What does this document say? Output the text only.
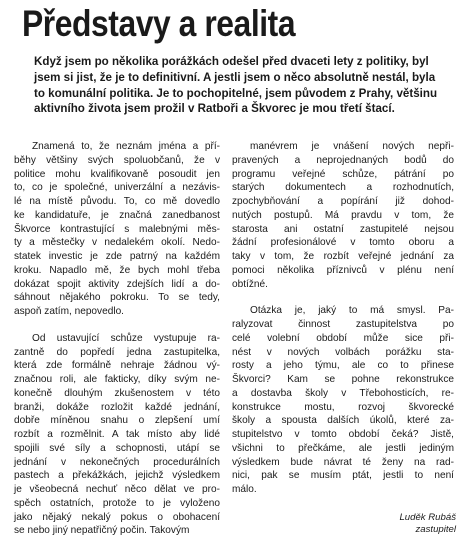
Představy a realita
Když jsem po několika porážkách odešel před dvaceti lety z politiky, byl
jsem si jist, že je to definitivní. A jestli jsem o něco absolutně nestál, byla
to komunální politika. Je to pochopitelné, jsem původem z Prahy, většinu
aktivního života jsem prožil v Ratboři a Škvorec je mou třetí štací.

Znamená to, že neznám jména a pří-
běhy většiny svých spoluobčanů, že v
politice mohu kvalifikovaně posoudit jen
to, co je společné, univerzální a nezávis-
lé na místě původu. To, co mě dovedlo
ke kandidatuře, je značná zanedbanost
Škvorce kontrastující s malebnými měs-
ty a městečky v nedalekém okolí. Nedo-
statek investic je zde patrný na každém
kroku. Napadlo mě, že bych mohl třeba
dokázat spojit aktivity zdejších lidí a do-
sáhnout nějakého pokroku. To se tedy,
aspoň zatím, nepovedlo.

Od ustavující schůze vystupuje ra-
zantně do popředí jedna zastupitelka,
která zde formálně nehraje žádnou vý-
značnou roli, ale fakticky, díky svým ne-
konečně dlouhým zkušenostem v této
branži, dokáže rozložit každé jednání,
dobře míněnou snahu o zlepšení umí
rozbít a rozmělnit. A tak místo aby lidé
spojili své síly a schopnosti, utápí se
jednání v nekonečných procedurálních
pastech a překážkách, jejichž výsledkem
je všeobecná nechuť něco dělat ve pro-
spěch ostatních, protože to je vyloženo
jako nějaký nekalý pokus o obohacení
se nebo jiný nepatřičný počin. Takovým

manévrem je vnášení nových nepři-
pravených a neprojednaných bodů do
programu veřejné schůze, pátrání po
starých dokumentech a rozhodnutích,
zpochybňování a popírání již dohod-
nutých postupů. Má pravdu v tom, že
starosta ani ostatní zastupitelé nejsou
žádní profesionálové v tomto oboru a
taky v tom, že rozbít veřejné jednání za
pomoci několika příznivců v plénu není
obtížné.

Otázka je, jaký to má smysl. Pa-
ralyzovat činnost zastupitelstva po
celé volební období může sice při-
nést v nových volbách porážku sta-
rosty a jeho týmu, ale co to přinese
Škvorci? Kam se pohne rekonstrukce
a dostavba školy v Třebohosticích, re-
konstrukce mostu, rozvoj škvorecké
školy a spousta dalších úkolů, které za-
stupitelstvo v tomto období čeká? Jistě,
všichni to přečkáme, ale jestli jediným
výsledkem bude návrat té ženy na rad-
nici, pak se musím ptát, jestli to není
málo.

Luděk Rubáš
zastupitel
